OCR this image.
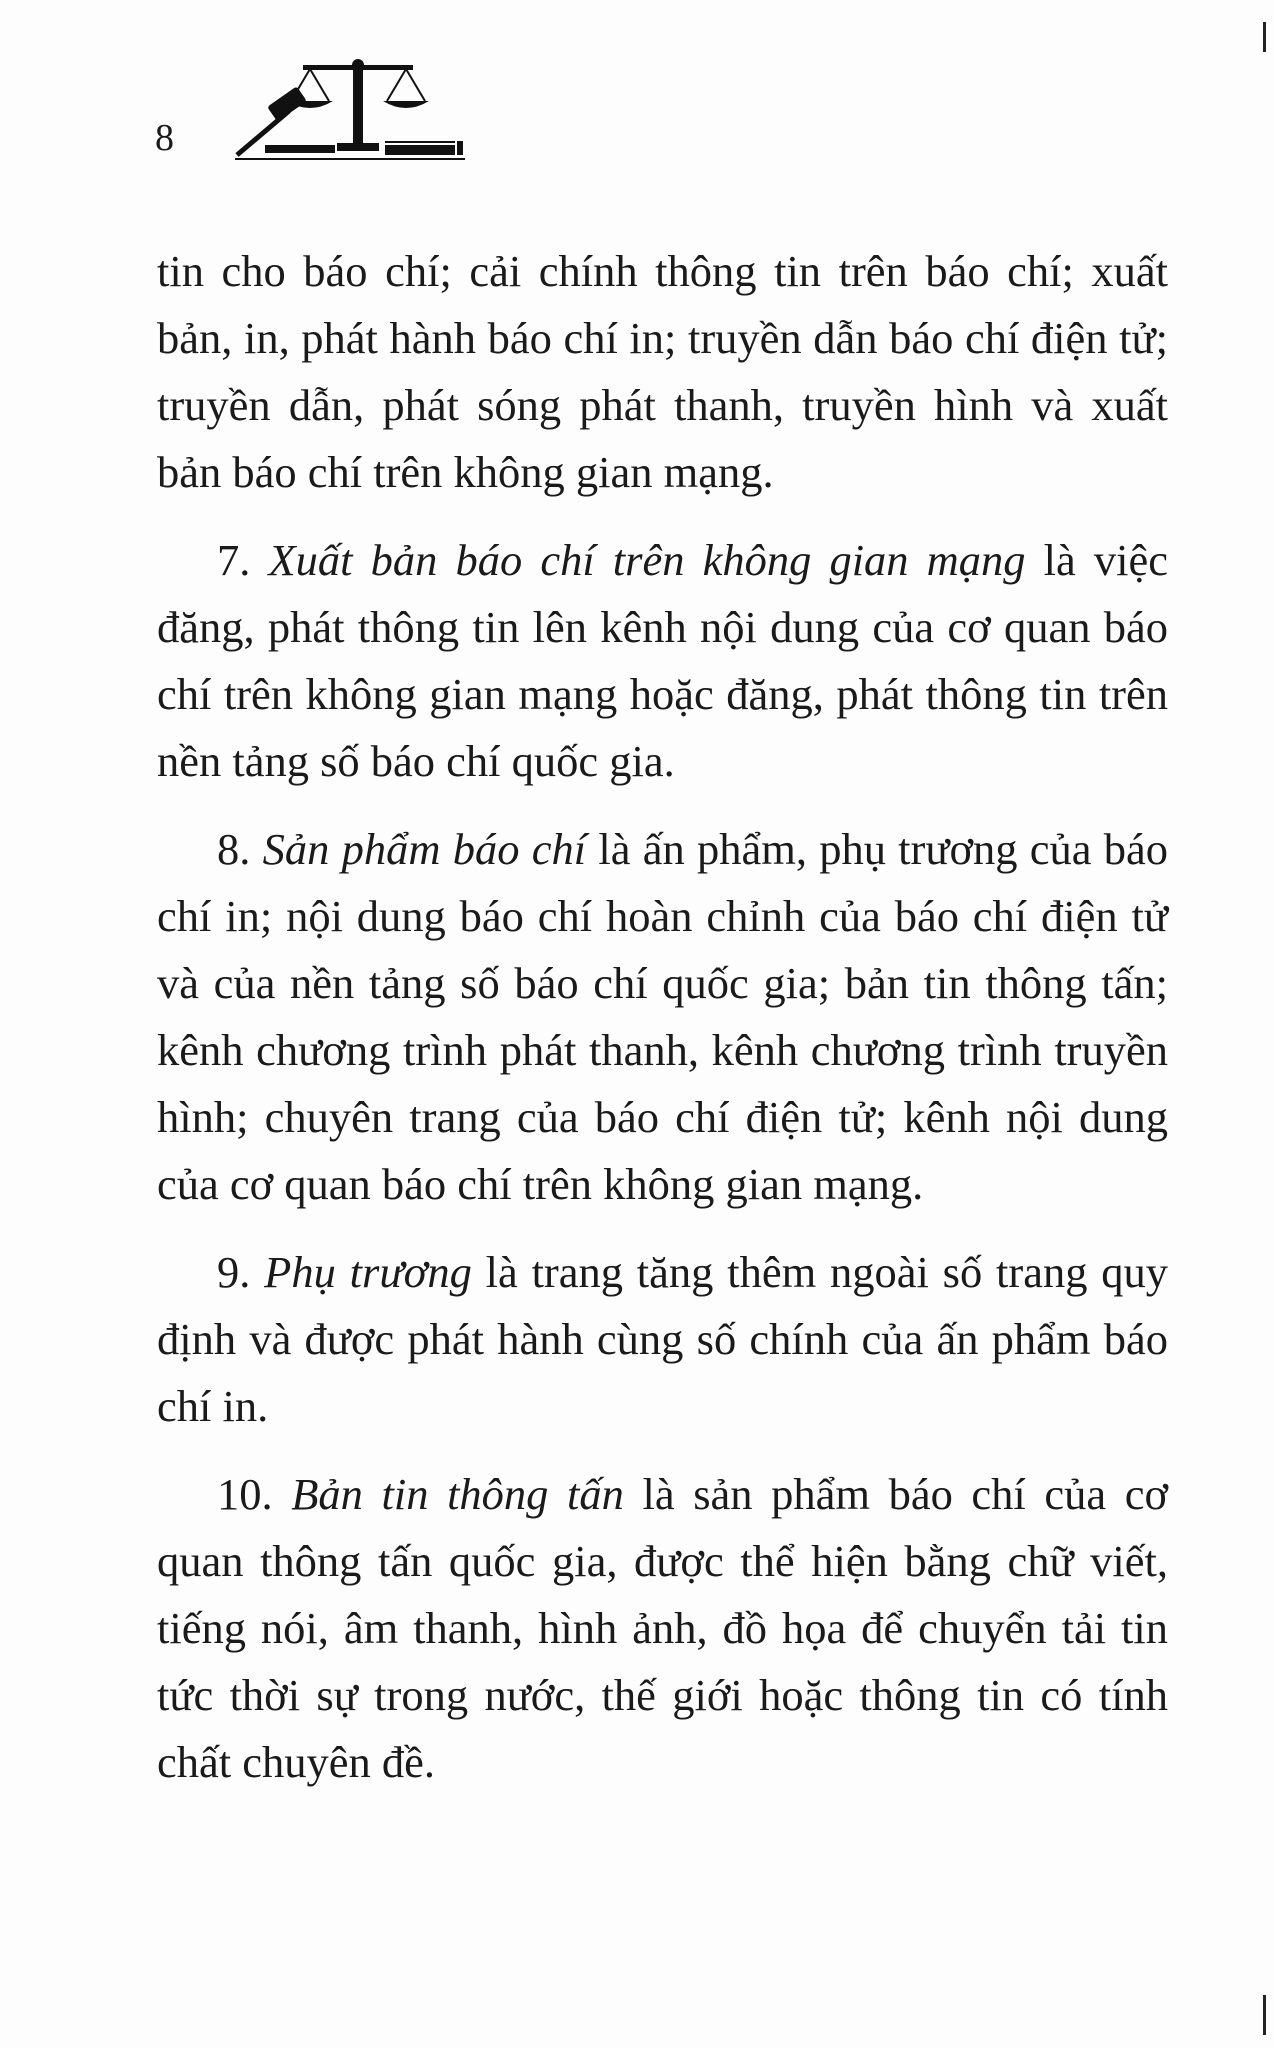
8

tin cho báo chí; cải chính thông tin trên báo chí; xuất bản, in, phát hành báo chí in; truyền dẫn báo chí điện tử; truyền dẫn, phát sóng phát thanh, truyền hình và xuất bản báo chí trên không gian mạng.

7. Xuất bản báo chí trên không gian mạng là việc đăng, phát thông tin lên kênh nội dung của cơ quan báo chí trên không gian mạng hoặc đăng, phát thông tin trên nền tảng số báo chí quốc gia.

8. Sản phẩm báo chí là ấn phẩm, phụ trương của báo chí in; nội dung báo chí hoàn chỉnh của báo chí điện tử và của nền tảng số báo chí quốc gia; bản tin thông tấn; kênh chương trình phát thanh, kênh chương trình truyền hình; chuyên trang của báo chí điện tử; kênh nội dung của cơ quan báo chí trên không gian mạng.

9. Phụ trương là trang tăng thêm ngoài số trang quy định và được phát hành cùng số chính của ấn phẩm báo chí in.

10. Bản tin thông tấn là sản phẩm báo chí của cơ quan thông tấn quốc gia, được thể hiện bằng chữ viết, tiếng nói, âm thanh, hình ảnh, đồ họa để chuyển tải tin tức thời sự trong nước, thế giới hoặc thông tin có tính chất chuyên đề.
